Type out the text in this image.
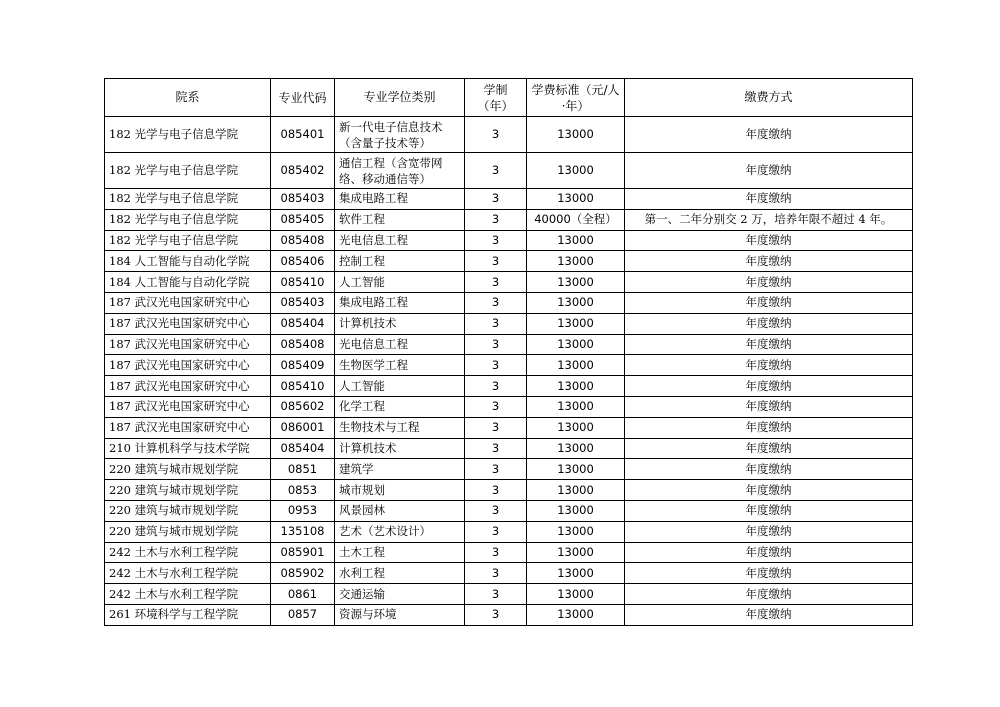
院系	专业代码	专业学位类别	学制（年）	学费标准（元/人·年）	缴费方式
182 光学与电子信息学院	085401	新一代电子信息技术（含量子技术等）	3	13000	年度缴纳
182 光学与电子信息学院	085402	通信工程（含宽带网络、移动通信等）	3	13000	年度缴纳
182 光学与电子信息学院	085403	集成电路工程	3	13000	年度缴纳
182 光学与电子信息学院	085405	软件工程	3	40000（全程）	第一、二年分别交 2 万，培养年限不超过 4 年。
182 光学与电子信息学院	085408	光电信息工程	3	13000	年度缴纳
184 人工智能与自动化学院	085406	控制工程	3	13000	年度缴纳
184 人工智能与自动化学院	085410	人工智能	3	13000	年度缴纳
187 武汉光电国家研究中心	085403	集成电路工程	3	13000	年度缴纳
187 武汉光电国家研究中心	085404	计算机技术	3	13000	年度缴纳
187 武汉光电国家研究中心	085408	光电信息工程	3	13000	年度缴纳
187 武汉光电国家研究中心	085409	生物医学工程	3	13000	年度缴纳
187 武汉光电国家研究中心	085410	人工智能	3	13000	年度缴纳
187 武汉光电国家研究中心	085602	化学工程	3	13000	年度缴纳
187 武汉光电国家研究中心	086001	生物技术与工程	3	13000	年度缴纳
210 计算机科学与技术学院	085404	计算机技术	3	13000	年度缴纳
220 建筑与城市规划学院	0851	建筑学	3	13000	年度缴纳
220 建筑与城市规划学院	0853	城市规划	3	13000	年度缴纳
220 建筑与城市规划学院	0953	风景园林	3	13000	年度缴纳
220 建筑与城市规划学院	135108	艺术（艺术设计）	3	13000	年度缴纳
242 土木与水利工程学院	085901	土木工程	3	13000	年度缴纳
242 土木与水利工程学院	085902	水利工程	3	13000	年度缴纳
242 土木与水利工程学院	0861	交通运输	3	13000	年度缴纳
261 环境科学与工程学院	0857	资源与环境	3	13000	年度缴纳
